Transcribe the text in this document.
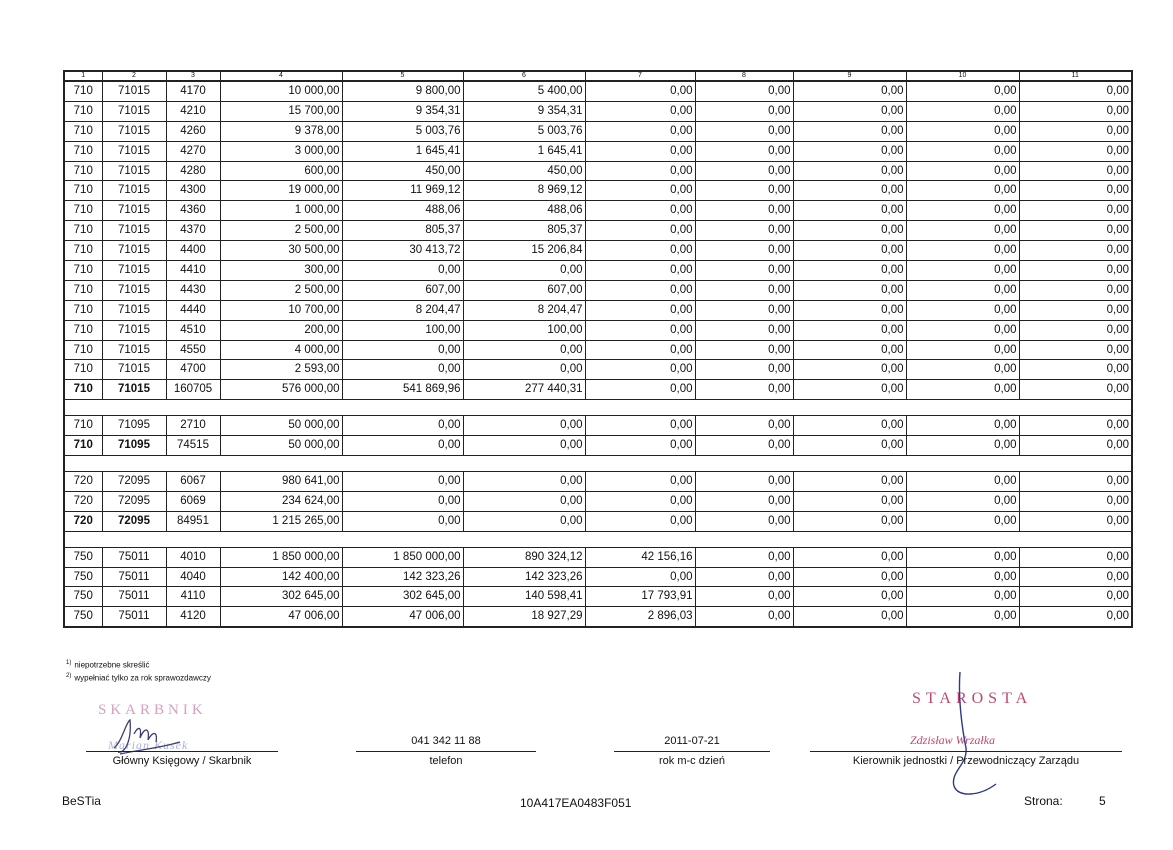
1	2	3	4	5	6	7	8	9	10	11
710	71015	4170	10 000,00	9 800,00	5 400,00	0,00	0,00	0,00	0,00	0,00
710	71015	4210	15 700,00	9 354,31	9 354,31	0,00	0,00	0,00	0,00	0,00
710	71015	4260	9 378,00	5 003,76	5 003,76	0,00	0,00	0,00	0,00	0,00
710	71015	4270	3 000,00	1 645,41	1 645,41	0,00	0,00	0,00	0,00	0,00
710	71015	4280	600,00	450,00	450,00	0,00	0,00	0,00	0,00	0,00
710	71015	4300	19 000,00	11 969,12	8 969,12	0,00	0,00	0,00	0,00	0,00
710	71015	4360	1 000,00	488,06	488,06	0,00	0,00	0,00	0,00	0,00
710	71015	4370	2 500,00	805,37	805,37	0,00	0,00	0,00	0,00	0,00
710	71015	4400	30 500,00	30 413,72	15 206,84	0,00	0,00	0,00	0,00	0,00
710	71015	4410	300,00	0,00	0,00	0,00	0,00	0,00	0,00	0,00
710	71015	4430	2 500,00	607,00	607,00	0,00	0,00	0,00	0,00	0,00
710	71015	4440	10 700,00	8 204,47	8 204,47	0,00	0,00	0,00	0,00	0,00
710	71015	4510	200,00	100,00	100,00	0,00	0,00	0,00	0,00	0,00
710	71015	4550	4 000,00	0,00	0,00	0,00	0,00	0,00	0,00	0,00
710	71015	4700	2 593,00	0,00	0,00	0,00	0,00	0,00	0,00	0,00
710	71015	160705	576 000,00	541 869,96	277 440,31	0,00	0,00	0,00	0,00	0,00

710	71095	2710	50 000,00	0,00	0,00	0,00	0,00	0,00	0,00	0,00
710	71095	74515	50 000,00	0,00	0,00	0,00	0,00	0,00	0,00	0,00

720	72095	6067	980 641,00	0,00	0,00	0,00	0,00	0,00	0,00	0,00
720	72095	6069	234 624,00	0,00	0,00	0,00	0,00	0,00	0,00	0,00
720	72095	84951	1 215 265,00	0,00	0,00	0,00	0,00	0,00	0,00	0,00

750	75011	4010	1 850 000,00	1 850 000,00	890 324,12	42 156,16	0,00	0,00	0,00	0,00
750	75011	4040	142 400,00	142 323,26	142 323,26	0,00	0,00	0,00	0,00	0,00
750	75011	4110	302 645,00	302 645,00	140 598,41	17 793,91	0,00	0,00	0,00	0,00
750	75011	4120	47 006,00	47 006,00	18 927,29	2 896,03	0,00	0,00	0,00	0,00
$^{1)}$ niepotrzebne skreślić
$^{2)}$ wypełniać tylko za rok sprawozdawczy
SKARBNIK
Marian Kusek
STAROSTA
Zdzisław Wrzałka
Główny Księgowy / Skarbnik
041 342 11 88
telefon
2011-07-21
rok m-c dzień	Kierownik jednostki / Przewodniczący Zarządu
BeSTia	10A417EA0483F051	Strona:	5
